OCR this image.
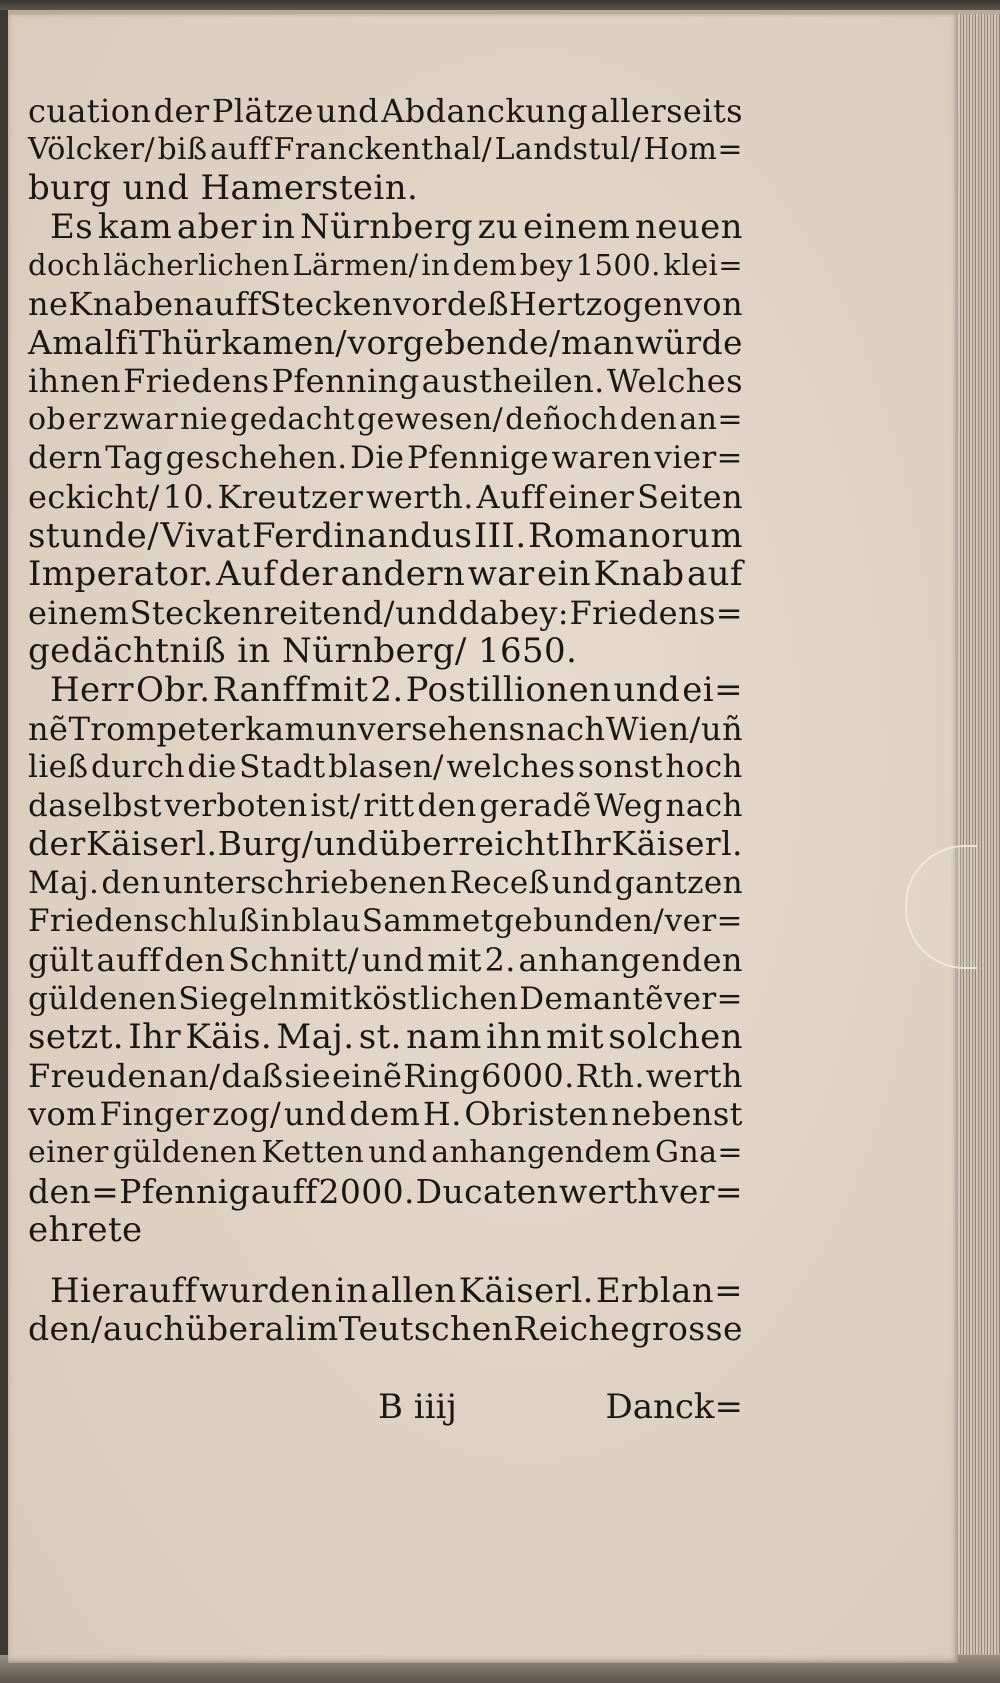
cuation der Plätze und Abdanckung allerseits
Völcker/ biß auff Franckenthal/ Landstul/ Hom=
burg und Hamerstein.
Es kam aber in Nürnberg zu einem neuen
doch lächerlichen Lärmen/ in dem bey 1500. klei=
ne Knaben auff Stecken vor deß Hertzogen von
Amalfi Thür kamen/ vorgebende/ man würde
ihnen Friedens Pfenning austheilen. Welches
ob er zwar nie gedacht gewesen/ deñoch den an=
dern Tag geschehen. Die Pfennige waren vier=
eckicht/ 10. Kreutzer werth. Auff einer Seiten
stunde/ Vivat Ferdinandus III. Romanorum
Imperator. Auf der andern war ein Knab auf
einem Stecken reitend/ und dabey: Friedens=
gedächtniß in Nürnberg/ 1650.
Herr Obr. Ranff mit 2. Postillionen und ei=
nẽ Trompeter kam unversehens nach Wien/ uñ
ließ durch die Stadt blasen/ welches sonst hoch
daselbst verboten ist/ ritt den geradẽ Weg nach
der Käiserl. Burg/ und überreicht Ihr Käiserl.
Maj. den unterschriebenen Receß und gantzen
Friedenschluß in blau Sammet gebunden/ ver=
gült auff den Schnitt/ und mit 2. anhangenden
güldenen Siegeln mit köstlichen Demantẽ ver=
setzt. Ihr Käis. Maj. st. nam ihn mit solchen
Freuden an/ daß sie einẽ Ring 6000. Rth. werth
vom Finger zog/ und dem H. Obristen nebenst
einer güldenen Ketten und anhangendem Gna=
den=Pfennig auff 2000. Ducaten werth ver=
ehrete
Hierauff wurden in allen Käiserl. Erblan=
den/ auch überal im Teutschen Reiche grosse
B iiij	Danck=
